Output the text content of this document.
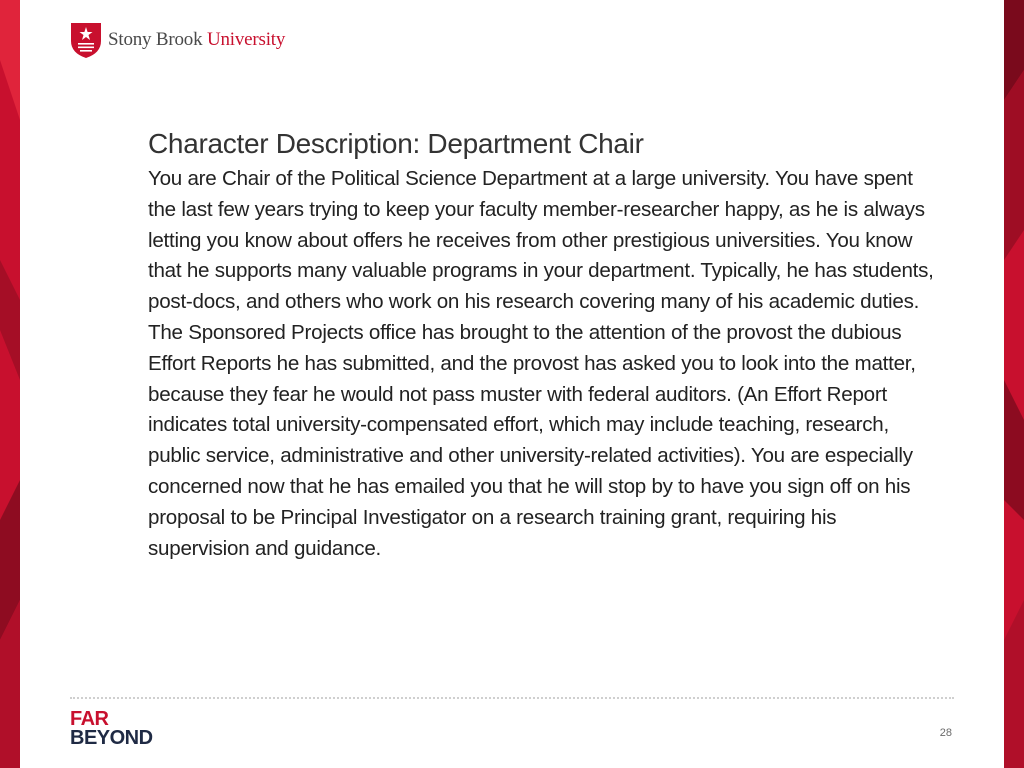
Stony Brook University
Character Description: Department Chair

You are Chair of the Political Science Department at a large university. You have spent the last few years trying to keep your faculty member-researcher happy, as he is always letting you know about offers he receives from other prestigious universities. You know that he supports many valuable programs in your department. Typically, he has students, post-docs, and others who work on his research covering many of his academic duties. The Sponsored Projects office has brought to the attention of the provost the dubious Effort Reports he has submitted, and the provost has asked you to look into the matter, because they fear he would not pass muster with federal auditors. (An Effort Report indicates total university-compensated effort, which may include teaching, research, public service, administrative and other university-related activities). You are especially concerned now that he has emailed you that he will stop by to have you sign off on his proposal to be Principal Investigator on a research training grant, requiring his supervision and guidance.

FAR
BEYOND	28
